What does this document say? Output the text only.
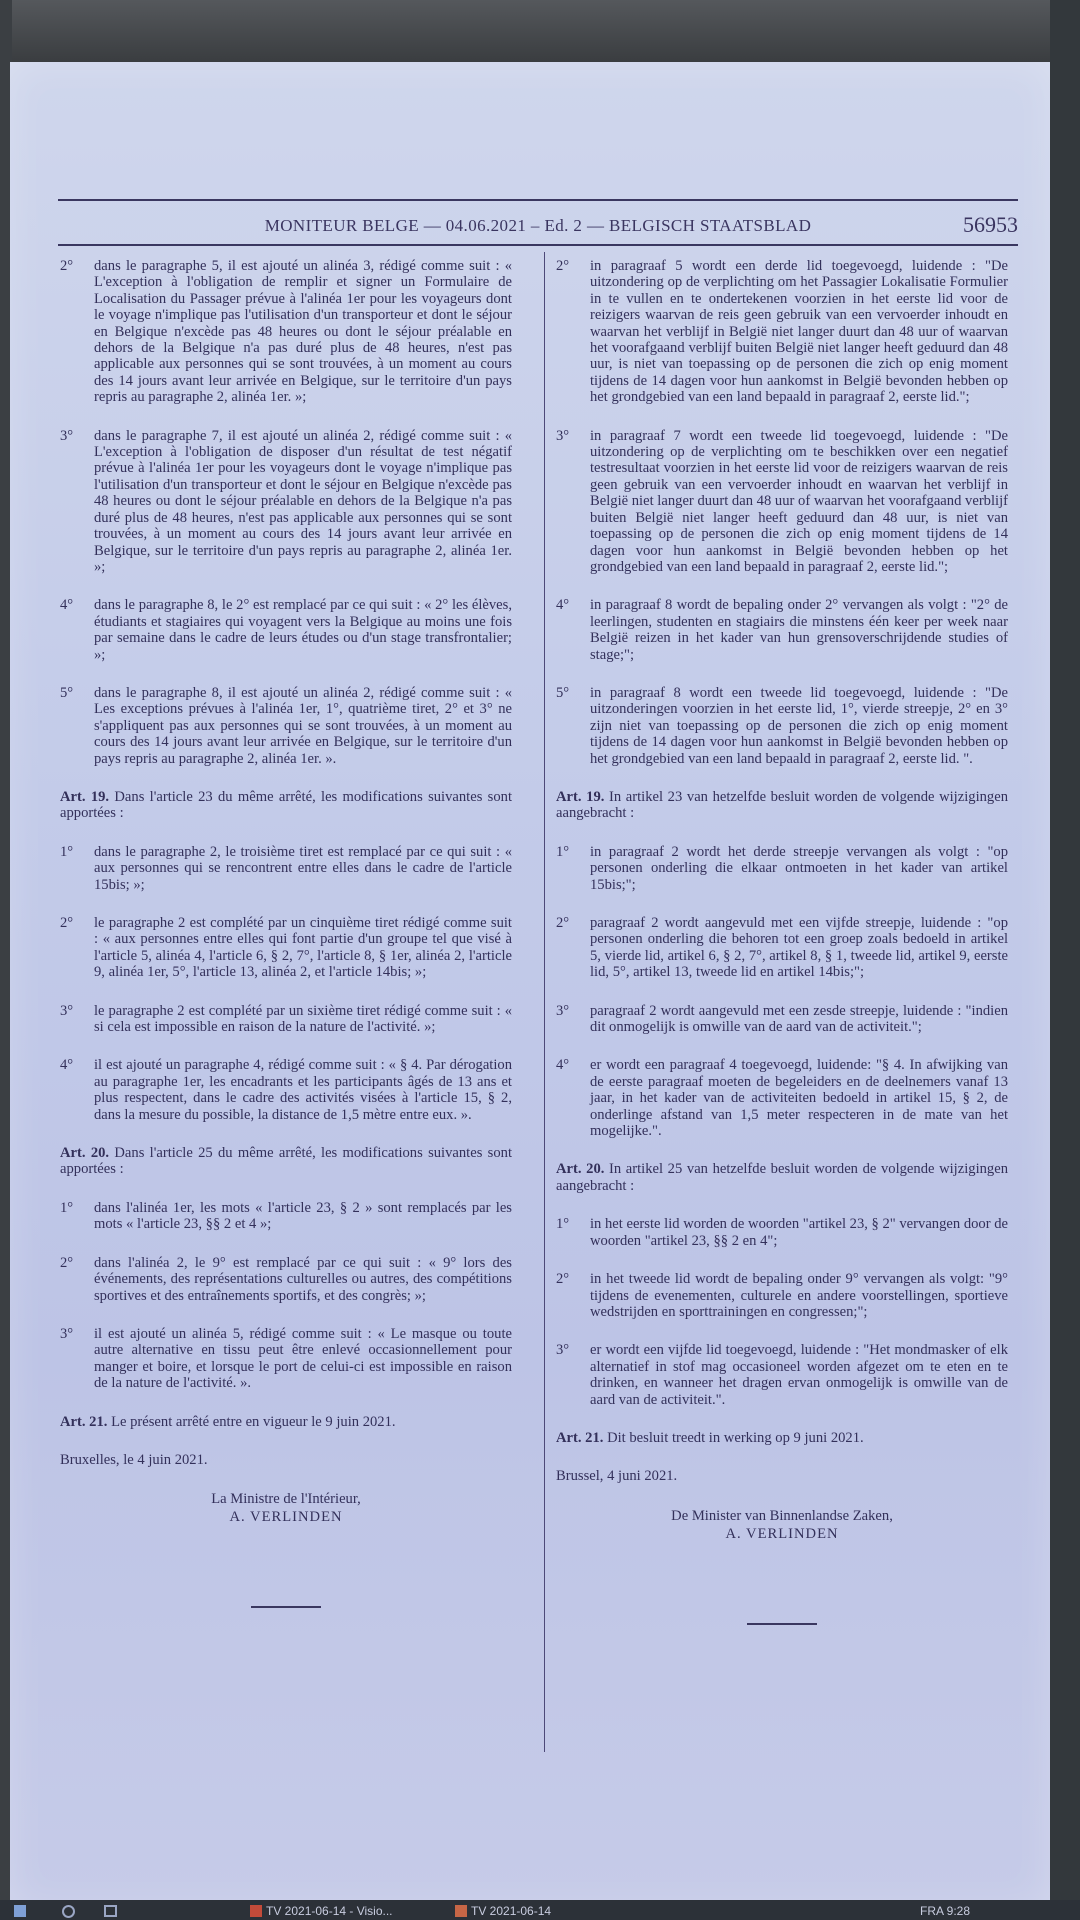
MONITEUR BELGE — 04.06.2021 – Ed. 2 — BELGISCH STAATSBLAD	56953
2° dans le paragraphe 5, il est ajouté un alinéa 3, rédigé comme suit : « L'exception à l'obligation de remplir et signer un Formulaire de Localisation du Passager prévue à l'alinéa 1er pour les voyageurs dont le voyage n'implique pas l'utilisation d'un transporteur et dont le séjour en Belgique n'excède pas 48 heures ou dont le séjour préalable en dehors de la Belgique n'a pas duré plus de 48 heures, n'est pas applicable aux personnes qui se sont trouvées, à un moment au cours des 14 jours avant leur arrivée en Belgique, sur le territoire d'un pays repris au paragraphe 2, alinéa 1er. »;
3° dans le paragraphe 7, il est ajouté un alinéa 2, rédigé comme suit : « L'exception à l'obligation de disposer d'un résultat de test négatif prévue à l'alinéa 1er pour les voyageurs dont le voyage n'implique pas l'utilisation d'un transporteur et dont le séjour en Belgique n'excède pas 48 heures ou dont le séjour préalable en dehors de la Belgique n'a pas duré plus de 48 heures, n'est pas applicable aux personnes qui se sont trouvées, à un moment au cours des 14 jours avant leur arrivée en Belgique, sur le territoire d'un pays repris au paragraphe 2, alinéa 1er. »;
4° dans le paragraphe 8, le 2° est remplacé par ce qui suit : « 2° les élèves, étudiants et stagiaires qui voyagent vers la Belgique au moins une fois par semaine dans le cadre de leurs études ou d'un stage transfrontalier; »;
5° dans le paragraphe 8, il est ajouté un alinéa 2, rédigé comme suit : « Les exceptions prévues à l'alinéa 1er, 1°, quatrième tiret, 2° et 3° ne s'appliquent pas aux personnes qui se sont trouvées, à un moment au cours des 14 jours avant leur arrivée en Belgique, sur le territoire d'un pays repris au paragraphe 2, alinéa 1er. ».
Art. 19. Dans l'article 23 du même arrêté, les modifications suivantes sont apportées :
1° dans le paragraphe 2, le troisième tiret est remplacé par ce qui suit : « aux personnes qui se rencontrent entre elles dans le cadre de l'article 15bis; »;
2° le paragraphe 2 est complété par un cinquième tiret rédigé comme suit : « aux personnes entre elles qui font partie d'un groupe tel que visé à l'article 5, alinéa 4, l'article 6, § 2, 7°, l'article 8, § 1er, alinéa 2, l'article 9, alinéa 1er, 5°, l'article 13, alinéa 2, et l'article 14bis; »;
3° le paragraphe 2 est complété par un sixième tiret rédigé comme suit : « si cela est impossible en raison de la nature de l'activité. »;
4° il est ajouté un paragraphe 4, rédigé comme suit : « § 4. Par dérogation au paragraphe 1er, les encadrants et les participants âgés de 13 ans et plus respectent, dans le cadre des activités visées à l'article 15, § 2, dans la mesure du possible, la distance de 1,5 mètre entre eux. ».
Art. 20. Dans l'article 25 du même arrêté, les modifications suivantes sont apportées :
1° dans l'alinéa 1er, les mots « l'article 23, § 2 » sont remplacés par les mots « l'article 23, §§ 2 et 4 »;
2° dans l'alinéa 2, le 9° est remplacé par ce qui suit : « 9° lors des événements, des représentations culturelles ou autres, des compétitions sportives et des entraînements sportifs, et des congrès; »;
3° il est ajouté un alinéa 5, rédigé comme suit : « Le masque ou toute autre alternative en tissu peut être enlevé occasionnellement pour manger et boire, et lorsque le port de celui-ci est impossible en raison de la nature de l'activité. ».
Art. 21. Le présent arrêté entre en vigueur le 9 juin 2021.
Bruxelles, le 4 juin 2021.
La Ministre de l'Intérieur,
A. VERLINDEN
2° in paragraaf 5 wordt een derde lid toegevoegd, luidende : "De uitzondering op de verplichting om het Passagier Lokalisatie Formulier in te vullen en te ondertekenen voorzien in het eerste lid voor de reizigers waarvan de reis geen gebruik van een vervoerder inhoudt en waarvan het verblijf in België niet langer duurt dan 48 uur of waarvan het voorafgaand verblijf buiten België niet langer heeft geduurd dan 48 uur, is niet van toepassing op de personen die zich op enig moment tijdens de 14 dagen voor hun aankomst in België bevonden hebben op het grondgebied van een land bepaald in paragraaf 2, eerste lid.";
3° in paragraaf 7 wordt een tweede lid toegevoegd, luidende : "De uitzondering op de verplichting om te beschikken over een negatief testresultaat voorzien in het eerste lid voor de reizigers waarvan de reis geen gebruik van een vervoerder inhoudt en waarvan het verblijf in België niet langer duurt dan 48 uur of waarvan het voorafgaand verblijf buiten België niet langer heeft geduurd dan 48 uur, is niet van toepassing op de personen die zich op enig moment tijdens de 14 dagen voor hun aankomst in België bevonden hebben op het grondgebied van een land bepaald in paragraaf 2, eerste lid.";
4° in paragraaf 8 wordt de bepaling onder 2° vervangen als volgt : "2° de leerlingen, studenten en stagiairs die minstens één keer per week naar België reizen in het kader van hun grensoverschrijdende studies of stage;";
5° in paragraaf 8 wordt een tweede lid toegevoegd, luidende : "De uitzonderingen voorzien in het eerste lid, 1°, vierde streepje, 2° en 3° zijn niet van toepassing op de personen die zich op enig moment tijdens de 14 dagen voor hun aankomst in België bevonden hebben op het grondgebied van een land bepaald in paragraaf 2, eerste lid. ".
Art. 19. In artikel 23 van hetzelfde besluit worden de volgende wijzigingen aangebracht :
1° in paragraaf 2 wordt het derde streepje vervangen als volgt : "op personen onderling die elkaar ontmoeten in het kader van artikel 15bis;";
2° paragraaf 2 wordt aangevuld met een vijfde streepje, luidende : "op personen onderling die behoren tot een groep zoals bedoeld in artikel 5, vierde lid, artikel 6, § 2, 7°, artikel 8, § 1, tweede lid, artikel 9, eerste lid, 5°, artikel 13, tweede lid en artikel 14bis;";
3° paragraaf 2 wordt aangevuld met een zesde streepje, luidende : "indien dit onmogelijk is omwille van de aard van de activiteit.";
4° er wordt een paragraaf 4 toegevoegd, luidende: "§ 4. In afwijking van de eerste paragraaf moeten de begeleiders en de deelnemers vanaf 13 jaar, in het kader van de activiteiten bedoeld in artikel 15, § 2, de onderlinge afstand van 1,5 meter respecteren in de mate van het mogelijke.".
Art. 20. In artikel 25 van hetzelfde besluit worden de volgende wijzigingen aangebracht :
1° in het eerste lid worden de woorden "artikel 23, § 2" vervangen door de woorden "artikel 23, §§ 2 en 4";
2° in het tweede lid wordt de bepaling onder 9° vervangen als volgt: "9° tijdens de evenementen, culturele en andere voorstellingen, sportieve wedstrijden en sporttrainingen en congressen;";
3° er wordt een vijfde lid toegevoegd, luidende : "Het mondmasker of elk alternatief in stof mag occasioneel worden afgezet om te eten en te drinken, en wanneer het dragen ervan onmogelijk is omwille van de aard van de activiteit.".
Art. 21. Dit besluit treedt in werking op 9 juni 2021.
Brussel, 4 juni 2021.
De Minister van Binnenlandse Zaken,
A. VERLINDEN
TV 2021-06-14 - Visio...	TV 2021-06-14	FRA 9:28
